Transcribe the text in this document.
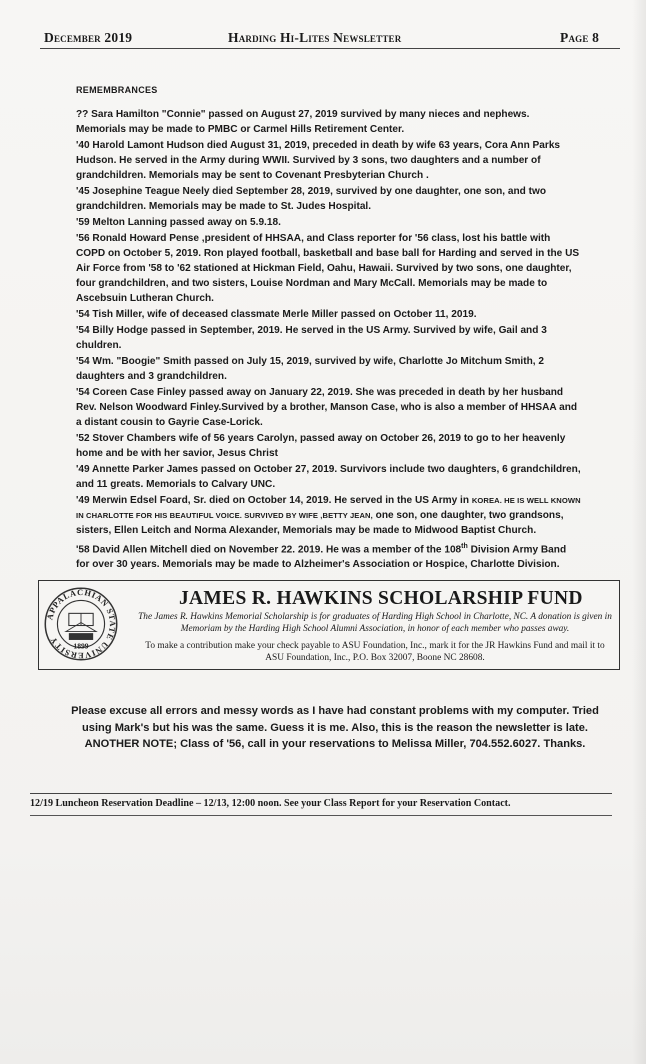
December 2019	Harding Hi-Lites Newsletter	Page 8
REMEMBRANCES
?? Sara Hamilton "Connie" passed on August 27, 2019 survived by many nieces and nephews. Memorials may be made to PMBC or Carmel Hills Retirement Center.
'40 Harold Lamont Hudson died August 31, 2019, preceded in death by wife 63 years, Cora Ann Parks Hudson. He served in the Army during WWII. Survived by 3 sons, two daughters and a number of grandchildren. Memorials may be sent to Covenant Presbyterian Church .
'45 Josephine Teague Neely died September 28, 2019, survived by one daughter, one son, and two grandchildren. Memorials may be made to St. Judes Hospital.
'59 Melton Lanning passed away on 5.9.18.
'56 Ronald Howard Pense ,president of HHSAA, and Class reporter for '56 class, lost his battle with COPD on October 5, 2019. Ron played football, basketball and base ball for Harding and served in the US Air Force from '58 to '62 stationed at Hickman Field, Oahu, Hawaii. Survived by two sons, one daughter, four grandchildren, and two sisters, Louise Nordman and Mary McCall. Memorials may be made to Ascebsuin Lutheran Church.
'54 Tish Miller, wife of deceased classmate Merle Miller passed on October 11, 2019.
'54 Billy Hodge passed in September, 2019. He served in the US Army. Survived by wife, Gail and 3 chuldren.
'54 Wm. "Boogie" Smith passed on July 15, 2019, survived by wife, Charlotte Jo Mitchum Smith, 2 daughters and 3 grandchildren.
'54 Coreen Case Finley passed away on January 22, 2019. She was preceded in death by her husband Rev. Nelson Woodward Finley.Survived by a brother, Manson Case, who is also a member of HHSAA and a distant cousin to Gayrie Case-Lorick.
'52 Stover Chambers wife of 56 years Carolyn, passed away on October 26, 2019 to go to her heavenly home and be with her savior, Jesus Christ
'49 Annette Parker James passed on October 27, 2019. Survivors include two daughters, 6 grandchildren, and 11 greats. Memorials to Calvary UNC.
'49 Merwin Edsel Foard, Sr. died on October 14, 2019. He served in the US Army in KOREA. HE IS WELL KNOWN IN CHARLOTTE FOR HIS BEAUTIFUL VOICE. SURVIVED BY WIFE ,BETTY JEAN, one son, one daughter, two grandsons, sisters, Ellen Leitch and Norma Alexander, Memorials may be made to Midwood Baptist Church.
'58 David Allen Mitchell died on November 22. 2019. He was a member of the 108th Division Army Band for over 30 years. Memorials may be made to Alzheimer's Association or Hospice, Charlotte Division.
APPALACHIAN STATE UNIVERSITY
1899
JAMES R. HAWKINS SCHOLARSHIP FUND
The James R. Hawkins Memorial Scholarship is for graduates of Harding High School in Charlotte, NC. A donation is given in Memoriam by the Harding High School Alumni Association, in honor of each member who passes away.
To make a contribution make your check payable to ASU Foundation, Inc., mark it for the JR Hawkins Fund and mail it to ASU Foundation, Inc., P.O. Box 32007, Boone NC 28608.
Please excuse all errors and messy words as I have had constant problems with my computer. Tried using Mark's but his was the same. Guess it is me. Also, this is the reason the newsletter is late. ANOTHER NOTE; Class of '56, call in your reservations to Melissa Miller, 704.552.6027. Thanks.
12/19 Luncheon Reservation Deadline – 12/13, 12:00 noon. See your Class Report for your Reservation Contact.
